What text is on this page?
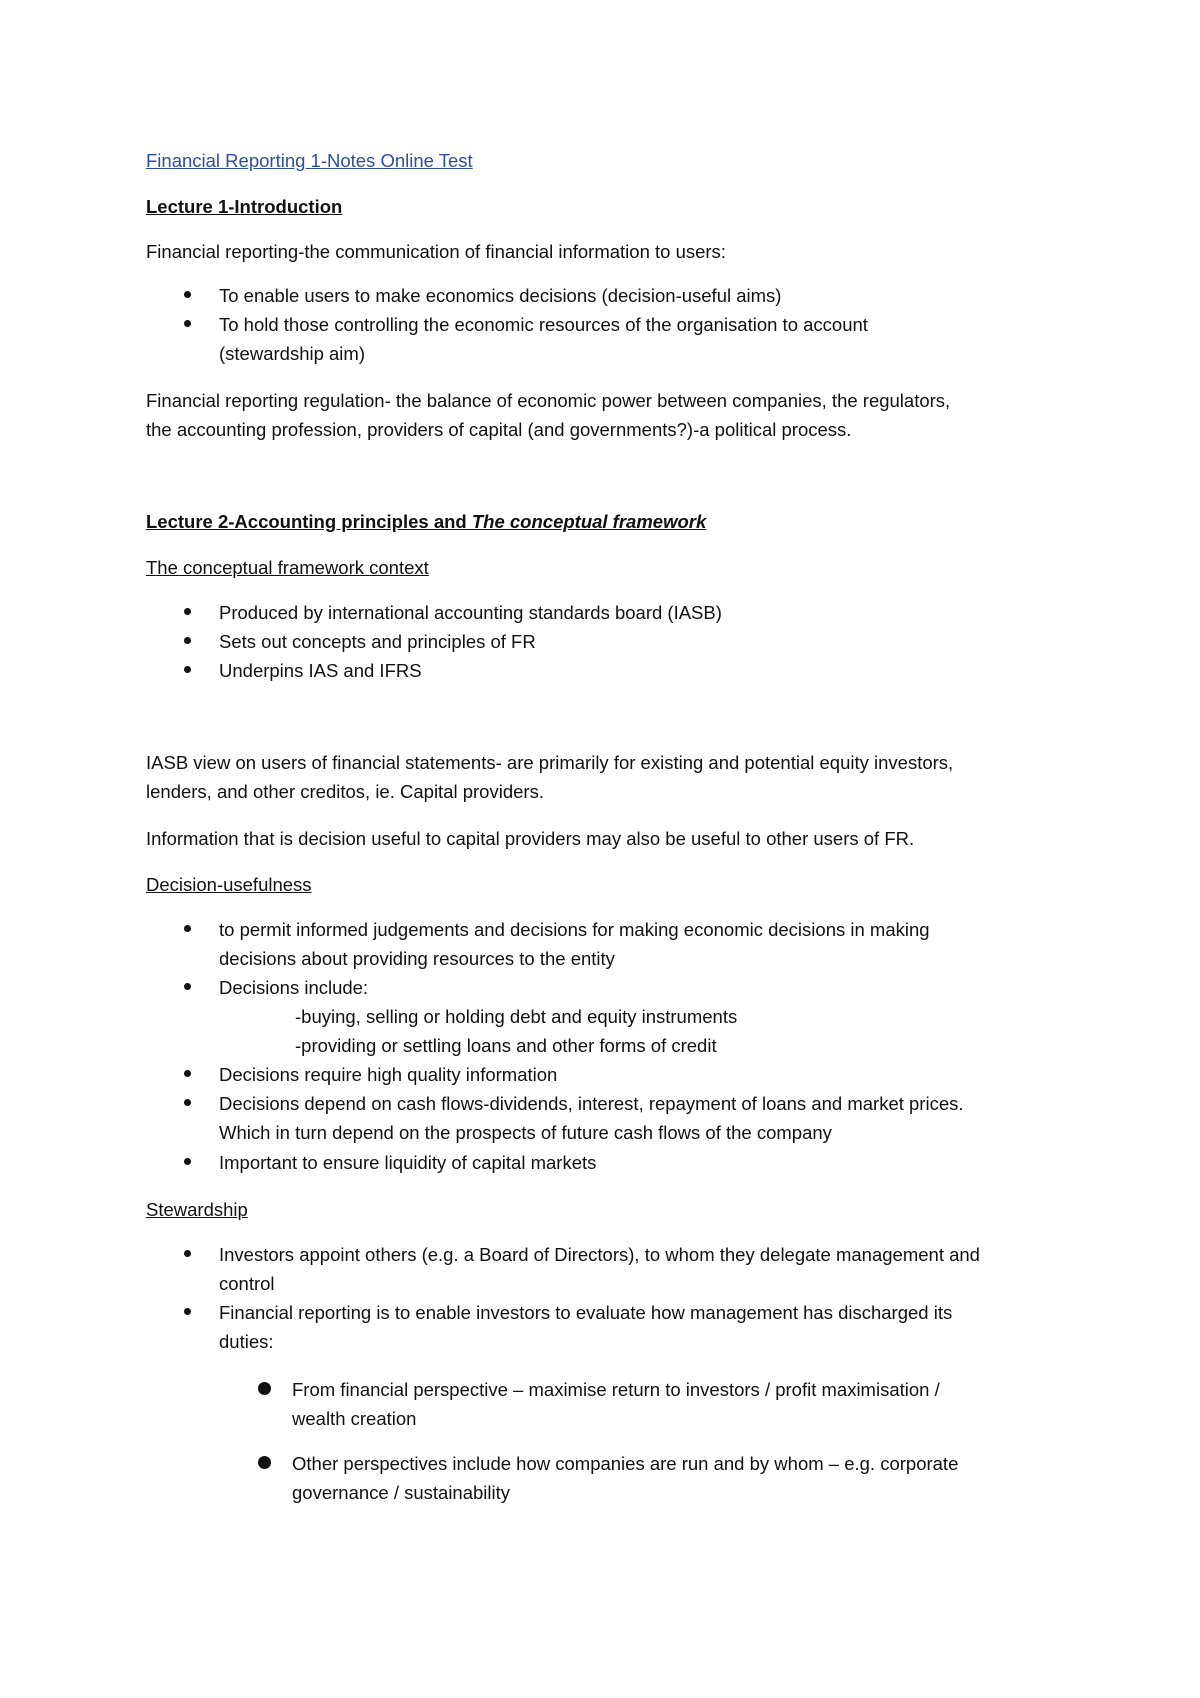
Financial Reporting 1-Notes Online Test

Lecture 1-Introduction

Financial reporting-the communication of financial information to users:

To enable users to make economics decisions (decision-useful aims)

To hold those controlling the economic resources of the organisation to account

(stewardship aim)

Financial reporting regulation- the balance of economic power between companies, the regulators,

the accounting profession, providers of capital (and governments?)-a political process.

Lecture 2-Accounting principles and The conceptual framework

The conceptual framework context

Produced by international accounting standards board (IASB)

Sets out concepts and principles of FR

Underpins IAS and IFRS

IASB view on users of financial statements- are primarily for existing and potential equity investors,

lenders, and other creditos, ie. Capital providers.

Information that is decision useful to capital providers may also be useful to other users of FR.

Decision-usefulness

to permit informed judgements and decisions for making economic decisions in making

decisions about providing resources to the entity

Decisions include:

-buying, selling or holding debt and equity instruments

-providing or settling loans and other forms of credit

Decisions require high quality information

Decisions depend on cash flows-dividends, interest, repayment of loans and market prices.

Which in turn depend on the prospects of future cash flows of the company

Important to ensure liquidity of capital markets

Stewardship

Investors appoint others (e.g. a Board of Directors), to whom they delegate management and

control

Financial reporting is to enable investors to evaluate how management has discharged its

duties:

From financial perspective – maximise return to investors / profit maximisation /

wealth creation

Other perspectives include how companies are run and by whom – e.g. corporate

governance / sustainability
